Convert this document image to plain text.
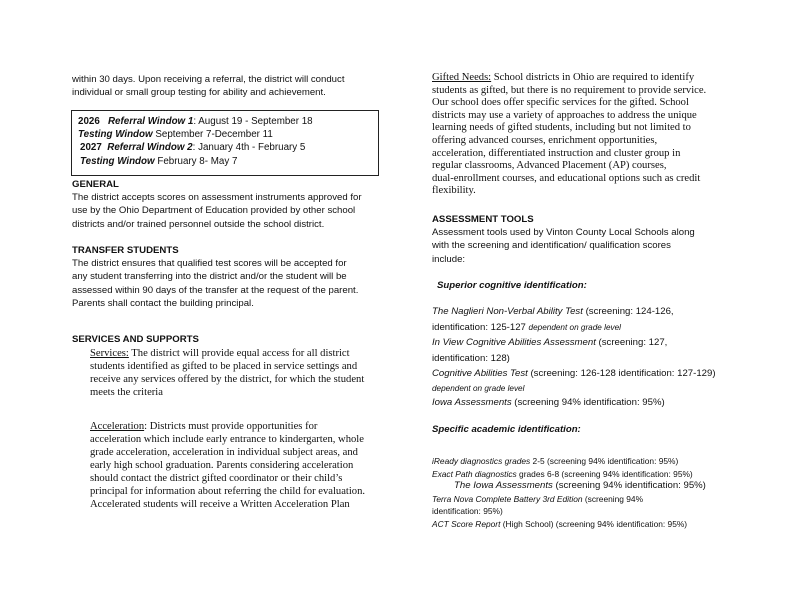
within 30 days. Upon receiving a referral, the district will conduct
individual or small group testing for ability and achievement.

2026 Referral Window 1: August 19 - September 18
Testing Window September 7-December 11
2027 Referral Window 2: January 4th - February 5
Testing Window February 8- May 7

GENERAL

The district accepts scores on assessment instruments approved for
use by the Ohio Department of Education provided by other school
districts and/or trained personnel outside the school district.

TRANSFER STUDENTS

The district ensures that qualified test scores will be accepted for
any student transferring into the district and/or the student will be
assessed within 90 days of the transfer at the request of the parent.
Parents shall contact the building principal.

SERVICES AND SUPPORTS

Services: The district will provide equal access for all district
students identified as gifted to be placed in service settings and
receive any services offered by the district, for which the student
meets the criteria

Acceleration: Districts must provide opportunities for
acceleration which include early entrance to kindergarten, whole
grade acceleration, acceleration in individual subject areas, and
early high school graduation. Parents considering acceleration
should contact the district gifted coordinator or their child’s
principal for information about referring the child for evaluation.
Accelerated students will receive a Written Acceleration Plan

Gifted Needs: School districts in Ohio are required to identify
students as gifted, but there is no requirement to provide service.
Our school does offer specific services for the gifted. School
districts may use a variety of approaches to address the unique
learning needs of gifted students, including but not limited to
offering advanced courses, enrichment opportunities,
acceleration, differentiated instruction and cluster group in
regular classrooms, Advanced Placement (AP) courses,
dual-enrollment courses, and educational options such as credit
flexibility.

ASSESSMENT TOOLS

Assessment tools used by Vinton County Local Schools along
with the screening and identification/ qualification scores
include:

Superior cognitive identification:

The Naglieri Non-Verbal Ability Test (screening: 124-126,
identification: 125-127 dependent on grade level
In View Cognitive Abilities Assessment (screening: 127,
identification: 128)
Cognitive Abilities Test (screening: 126-128 identification: 127-129)
dependent on grade level
Iowa Assessments (screening 94% identification: 95%)

Specific academic identification:

iReady diagnostics grades 2-5 (screening 94% identification: 95%)
Exact Path diagnostics grades 6-8 (screening 94% identification: 95%)
The Iowa Assessments (screening 94% identification: 95%)
Terra Nova Complete Battery 3rd Edition (screening 94%
identification: 95%)
ACT Score Report (High School) (screening 94% identification: 95%)
